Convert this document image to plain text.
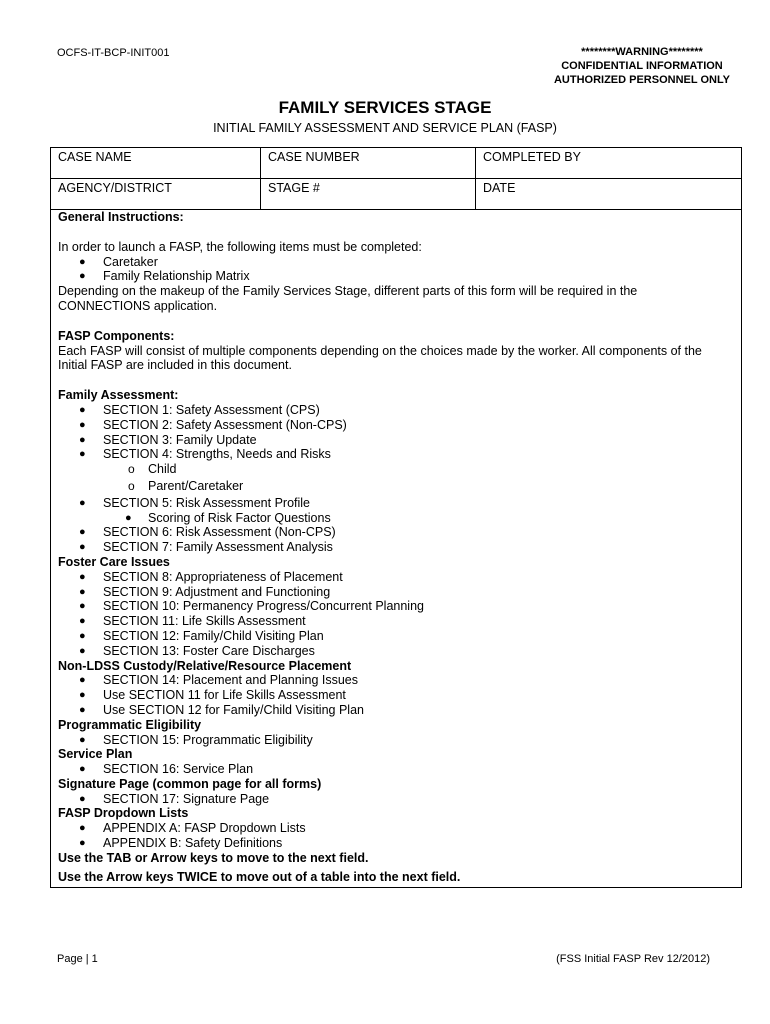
OCFS-IT-BCP-INIT001	********WARNING********
CONFIDENTIAL INFORMATION
AUTHORIZED PERSONNEL ONLY
FAMILY SERVICES STAGE
INITIAL FAMILY ASSESSMENT AND SERVICE PLAN (FASP)
CASE NAME	CASE NUMBER	COMPLETED BY
AGENCY/DISTRICT	STAGE #	DATE
General Instructions:
In order to launch a FASP, the following items must be completed:
● Caretaker
● Family Relationship Matrix
Depending on the makeup of the Family Services Stage, different parts of this form will be required in the CONNECTIONS application.
FASP Components:
Each FASP will consist of multiple components depending on the choices made by the worker. All components of the Initial FASP are included in this document.
Family Assessment:
● SECTION 1: Safety Assessment (CPS)
● SECTION 2: Safety Assessment (Non-CPS)
● SECTION 3: Family Update
● SECTION 4: Strengths, Needs and Risks
o Child
o Parent/Caretaker
● SECTION 5: Risk Assessment Profile
● Scoring of Risk Factor Questions
● SECTION 6: Risk Assessment (Non-CPS)
● SECTION 7: Family Assessment Analysis
Foster Care Issues
● SECTION 8: Appropriateness of Placement
● SECTION 9: Adjustment and Functioning
● SECTION 10: Permanency Progress/Concurrent Planning
● SECTION 11: Life Skills Assessment
● SECTION 12: Family/Child Visiting Plan
● SECTION 13: Foster Care Discharges
Non-LDSS Custody/Relative/Resource Placement
● SECTION 14: Placement and Planning Issues
● Use SECTION 11 for Life Skills Assessment
● Use SECTION 12 for Family/Child Visiting Plan
Programmatic Eligibility
● SECTION 15: Programmatic Eligibility
Service Plan
● SECTION 16: Service Plan
Signature Page (common page for all forms)
● SECTION 17: Signature Page
FASP Dropdown Lists
● APPENDIX A: FASP Dropdown Lists
● APPENDIX B: Safety Definitions
Use the TAB or Arrow keys to move to the next field.
Use the Arrow keys TWICE to move out of a table into the next field.
Page | 1	(FSS Initial FASP Rev 12/2012)
